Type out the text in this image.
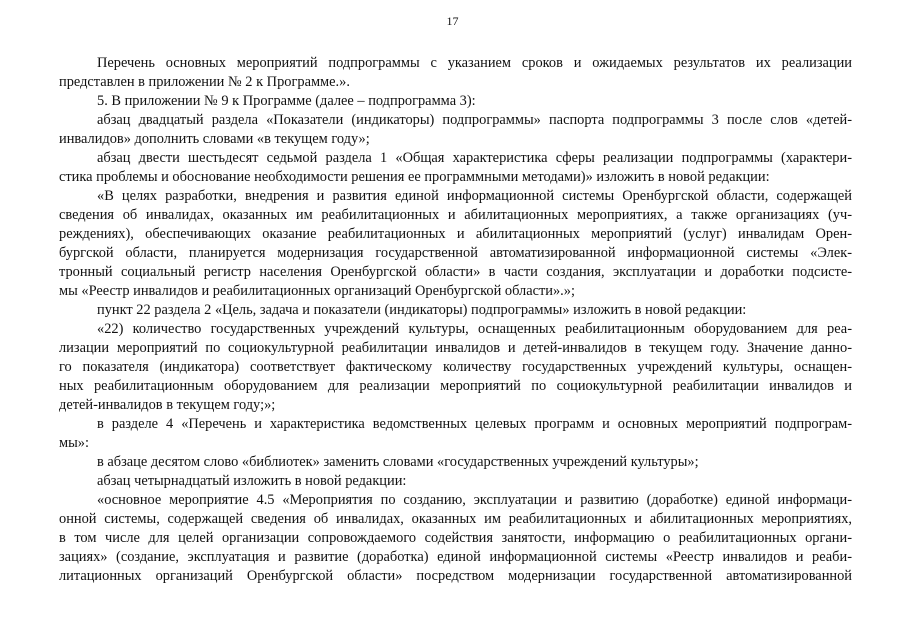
17
Перечень основных мероприятий подпрограммы с указанием сроков и ожидаемых результатов их реализации
представлен в приложении № 2 к Программе.».
5. В приложении № 9 к Программе (далее – подпрограмма 3):
абзац двадцатый раздела «Показатели (индикаторы) подпрограммы» паспорта подпрограммы 3 после слов «детей-
инвалидов» дополнить словами «в текущем году»;
абзац двести шестьдесят седьмой раздела 1 «Общая характеристика сферы реализации подпрограммы (характери-
стика проблемы и обоснование необходимости решения ее программными методами)» изложить в новой редакции:
«В целях разработки, внедрения и развития единой информационной системы Оренбургской области, содержащей
сведения об инвалидах, оказанных им реабилитационных и абилитационных мероприятиях, а также организациях (уч-
реждениях), обеспечивающих оказание реабилитационных и абилитационных мероприятий (услуг) инвалидам Орен-
бургской области, планируется модернизация государственной автоматизированной информационной системы «Элек-
тронный социальный регистр населения Оренбургской области» в части создания, эксплуатации и доработки подсисте-
мы «Реестр инвалидов и реабилитационных организаций Оренбургской области».»;
пункт 22 раздела 2 «Цель, задача и показатели (индикаторы) подпрограммы» изложить в новой редакции:
«22) количество государственных учреждений культуры, оснащенных реабилитационным оборудованием для реа-
лизации мероприятий по социокультурной реабилитации инвалидов и детей-инвалидов в текущем году. Значение данно-
го показателя (индикатора) соответствует фактическому количеству государственных учреждений культуры, оснащен-
ных реабилитационным оборудованием для реализации мероприятий по социокультурной реабилитации инвалидов и
детей-инвалидов в текущем году;»;
в разделе 4 «Перечень и характеристика ведомственных целевых программ и основных мероприятий подпрограм-
мы»:
в абзаце десятом слово «библиотек» заменить словами «государственных учреждений культуры»;
абзац четырнадцатый изложить в новой редакции:
«основное мероприятие 4.5 «Мероприятия по созданию, эксплуатации и развитию (доработке) единой информаци-
онной системы, содержащей сведения об инвалидах, оказанных им реабилитационных и абилитационных мероприятиях,
в том числе для целей организации сопровождаемого содействия занятости, информацию о реабилитационных органи-
зациях» (создание, эксплуатация и развитие (доработка) единой информационной системы «Реестр инвалидов и реаби-
литационных организаций Оренбургской области» посредством модернизации государственной автоматизированной
